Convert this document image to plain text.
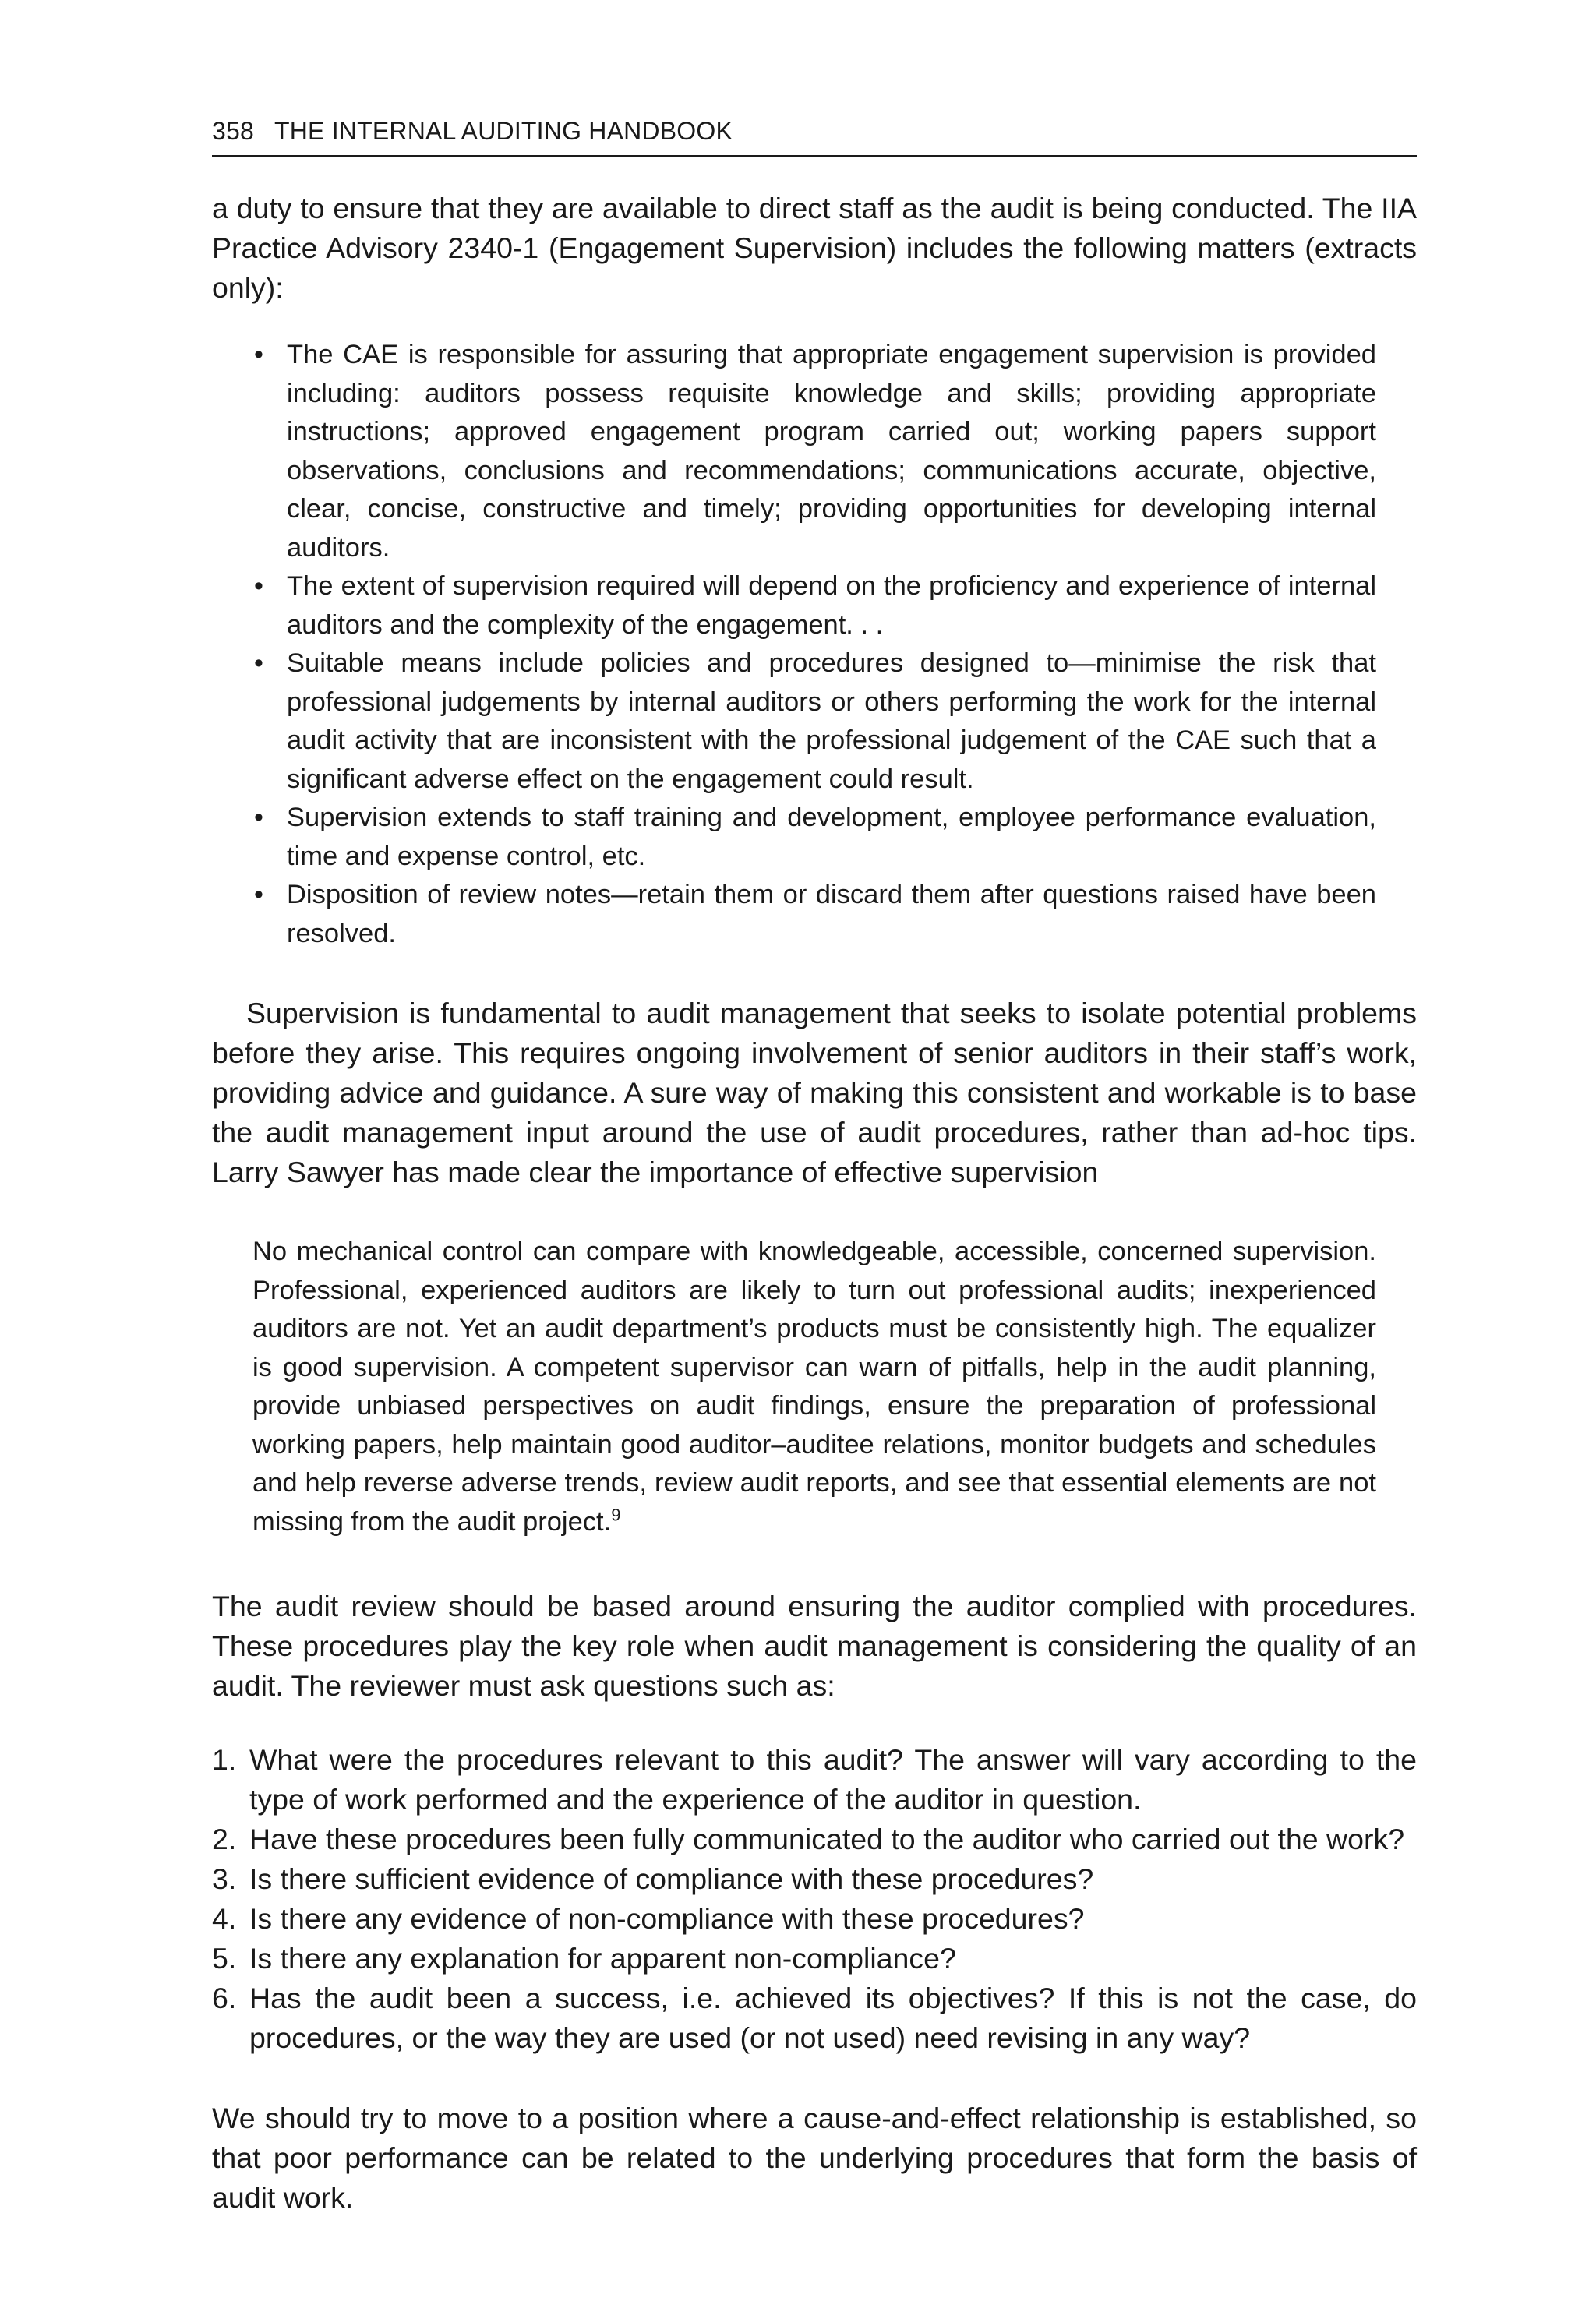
358 THE INTERNAL AUDITING HANDBOOK

a duty to ensure that they are available to direct staff as the audit is being conducted. The IIA Practice Advisory 2340-1 (Engagement Supervision) includes the following matters (extracts only):

• The CAE is responsible for assuring that appropriate engagement supervision is provided including: auditors possess requisite knowledge and skills; providing appropriate instructions; approved engagement program carried out; working papers support observations, conclusions and recommendations; communications accurate, objective, clear, concise, constructive and timely; providing opportunities for developing internal auditors.
• The extent of supervision required will depend on the proficiency and experience of internal auditors and the complexity of the engagement. . .
• Suitable means include policies and procedures designed to—minimise the risk that professional judgements by internal auditors or others performing the work for the internal audit activity that are inconsistent with the professional judgement of the CAE such that a significant adverse effect on the engagement could result.
• Supervision extends to staff training and development, employee performance evaluation, time and expense control, etc.
• Disposition of review notes—retain them or discard them after questions raised have been resolved.

Supervision is fundamental to audit management that seeks to isolate potential problems before they arise. This requires ongoing involvement of senior auditors in their staff’s work, providing advice and guidance. A sure way of making this consistent and workable is to base the audit management input around the use of audit procedures, rather than ad-hoc tips. Larry Sawyer has made clear the importance of effective supervision

No mechanical control can compare with knowledgeable, accessible, concerned supervision. Professional, experienced auditors are likely to turn out professional audits; inexperienced auditors are not. Yet an audit department’s products must be consistently high. The equalizer is good supervision. A competent supervisor can warn of pitfalls, help in the audit planning, provide unbiased perspectives on audit findings, ensure the preparation of professional working papers, help maintain good auditor–auditee relations, monitor budgets and schedules and help reverse adverse trends, review audit reports, and see that essential elements are not missing from the audit project.$^9$

The audit review should be based around ensuring the auditor complied with procedures. These procedures play the key role when audit management is considering the quality of an audit. The reviewer must ask questions such as:

1. What were the procedures relevant to this audit? The answer will vary according to the type of work performed and the experience of the auditor in question.
2. Have these procedures been fully communicated to the auditor who carried out the work?
3. Is there sufficient evidence of compliance with these procedures?
4. Is there any evidence of non-compliance with these procedures?
5. Is there any explanation for apparent non-compliance?
6. Has the audit been a success, i.e. achieved its objectives? If this is not the case, do procedures, or the way they are used (or not used) need revising in any way?

We should try to move to a position where a cause-and-effect relationship is established, so that poor performance can be related to the underlying procedures that form the basis of audit work.
